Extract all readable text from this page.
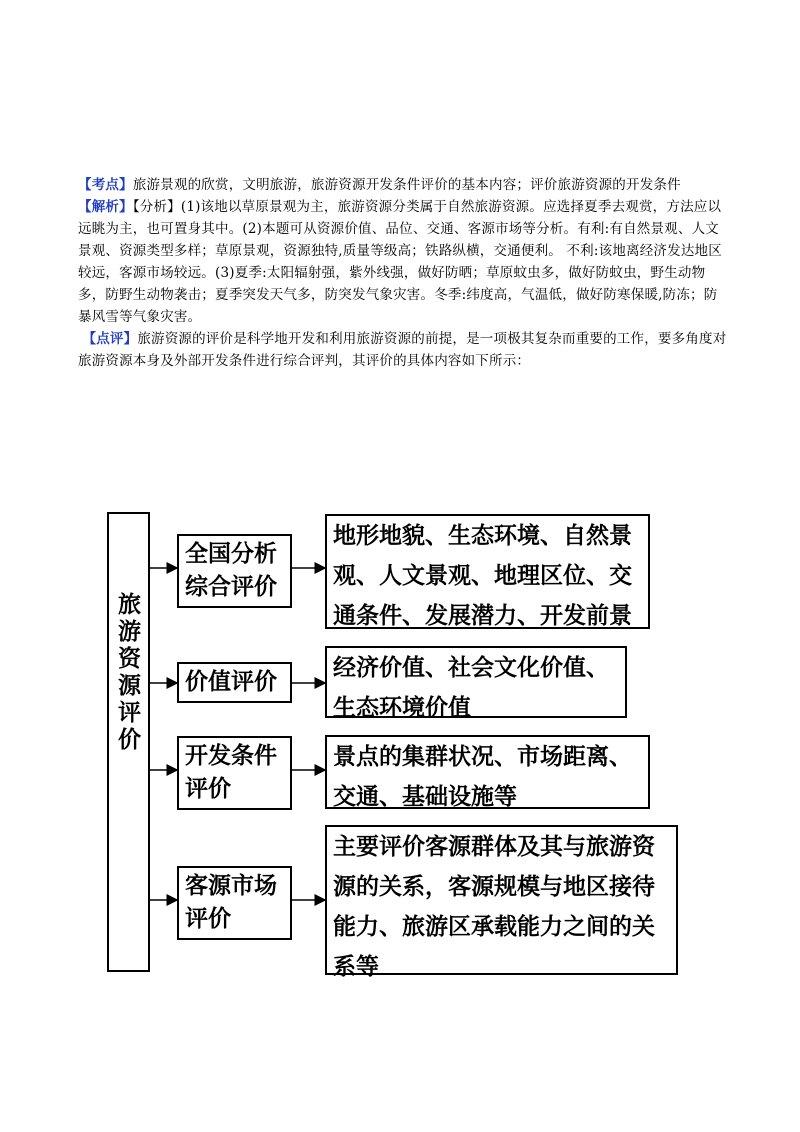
【考点】旅游景观的欣赏，文明旅游，旅游资源开发条件评价的基本内容；评价旅游资源的开发条件

【解析】【分析】(1)该地以草原景观为主，旅游资源分类属于自然旅游资源。应选择夏季去观赏，方法应以远眺为主，也可置身其中。(2)本题可从资源价值、品位、交通、客源市场等分析。有利:有自然景观、人文景观、资源类型多样；草原景观，资源独特,质量等级高；铁路纵横，交通便利。 不利:该地离经济发达地区较远，客源市场较远。(3)夏季:太阳辐射强，紫外线强，做好防晒；草原蚊虫多，做好防蚊虫，野生动物多，防野生动物袭击；夏季突发天气多，防突发气象灾害。冬季:纬度高，气温低，做好防寒保暖,防冻；防暴风雪等气象灾害。

【点评】旅游资源的评价是科学地开发和利用旅游资源的前提，是一项极其复杂而重要的工作，要多角度对旅游资源本身及外部开发条件进行综合评判，其评价的具体内容如下所示：

旅游资源评价
全国分析综合评价
价值评价
开发条件评价
客源市场评价
地形地貌、生态环境、自然景观、人文景观、地理区位、交通条件、发展潜力、开发前景
经济价值、社会文化价值、生态环境价值
景点的集群状况、市场距离、交通、基础设施等
主要评价客源群体及其与旅游资源的关系，客源规模与地区接待能力、旅游区承载能力之间的关系等
